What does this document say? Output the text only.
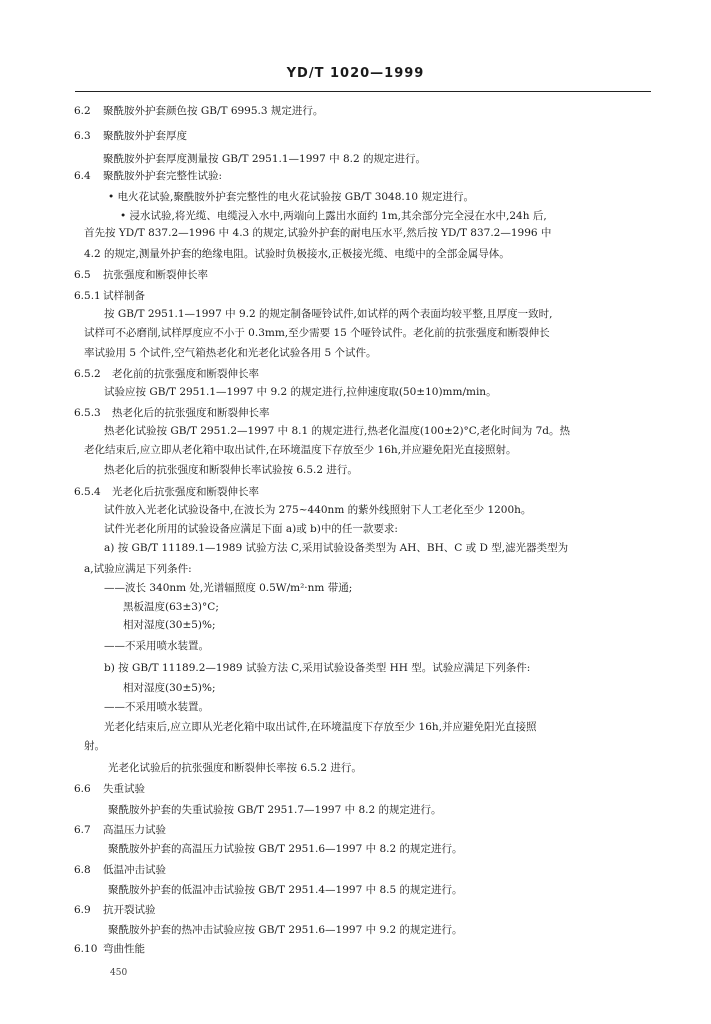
YD/T 1020—1999
6.2 聚酰胺外护套颜色按 GB/T 6995.3 规定进行。
6.3 聚酰胺外护套厚度
聚酰胺外护套厚度测量按 GB/T 2951.1—1997 中 8.2 的规定进行。
6.4 聚酰胺外护套完整性试验:
• 电火花试验,聚酰胺外护套完整性的电火花试验按 GB/T 3048.10 规定进行。
• 浸水试验,将光缆、电缆浸入水中,两端向上露出水面约 1m,其余部分完全浸在水中,24h 后,
首先按 YD/T 837.2—1996 中 4.3 的规定,试验外护套的耐电压水平,然后按 YD/T 837.2—1996 中
4.2 的规定,测量外护套的绝缘电阻。试验时负极接水,正极接光缆、电缆中的全部金属导体。
6.5 抗张强度和断裂伸长率
6.5.1 试样制备
按 GB/T 2951.1—1997 中 9.2 的规定制备哑铃试件,如试样的两个表面均较平整,且厚度一致时,
试样可不必磨削,试样厚度应不小于 0.3mm,至少需要 15 个哑铃试件。老化前的抗张强度和断裂伸长
率试验用 5 个试件,空气箱热老化和光老化试验各用 5 个试件。
6.5.2 老化前的抗张强度和断裂伸长率
试验应按 GB/T 2951.1—1997 中 9.2 的规定进行,拉伸速度取(50±10)mm/min。
6.5.3 热老化后的抗张强度和断裂伸长率
热老化试验按 GB/T 2951.2—1997 中 8.1 的规定进行,热老化温度(100±2)°C,老化时间为 7d。热
老化结束后,应立即从老化箱中取出试件,在环境温度下存放至少 16h,并应避免阳光直接照射。
热老化后的抗张强度和断裂伸长率试验按 6.5.2 进行。
6.5.4 光老化后抗张强度和断裂伸长率
试件放入光老化试验设备中,在波长为 275~440nm 的紫外线照射下人工老化至少 1200h。
试件光老化所用的试验设备应满足下面 a)或 b)中的任一款要求:
a) 按 GB/T 11189.1—1989 试验方法 C,采用试验设备类型为 AH、BH、C 或 D 型,滤光器类型为
a,试验应满足下列条件:
——波长 340nm 处,光谱辐照度 0.5W/m²·nm 带通;
黑板温度(63±3)°C;
相对湿度(30±5)%;
——不采用喷水装置。
b) 按 GB/T 11189.2—1989 试验方法 C,采用试验设备类型 HH 型。试验应满足下列条件:
相对湿度(30±5)%;
——不采用喷水装置。
光老化结束后,应立即从光老化箱中取出试件,在环境温度下存放至少 16h,并应避免阳光直接照
射。
光老化试验后的抗张强度和断裂伸长率按 6.5.2 进行。
6.6 失重试验
聚酰胺外护套的失重试验按 GB/T 2951.7—1997 中 8.2 的规定进行。
6.7 高温压力试验
聚酰胺外护套的高温压力试验按 GB/T 2951.6—1997 中 8.2 的规定进行。
6.8 低温冲击试验
聚酰胺外护套的低温冲击试验按 GB/T 2951.4—1997 中 8.5 的规定进行。
6.9 抗开裂试验
聚酰胺外护套的热冲击试验应按 GB/T 2951.6—1997 中 9.2 的规定进行。
6.10 弯曲性能
450
